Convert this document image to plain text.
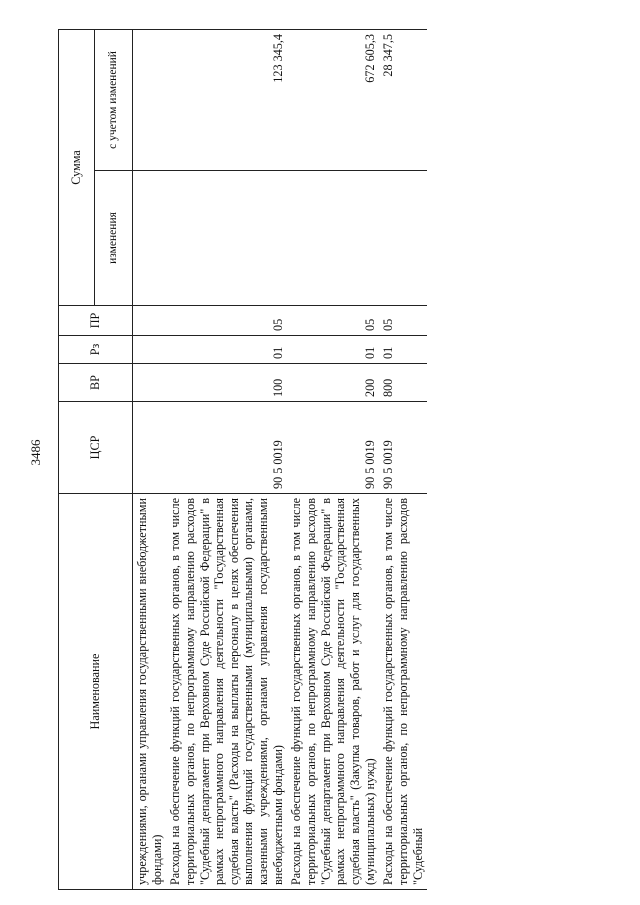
3486
Наименование	ЦСР	ВР	Рз	ПР	Сумма	
					изменения	с учетом изменений
учреждениями, органами управления государственными внебюджетными фондами)						
Расходы на обеспечение функций государственных органов, в том числе территориальных органов, по непрограммному направлению расходов "Судебный департамент при Верховном Суде Российской Федерации" в рамках непрограммного направления деятельности "Государственная судебная власть" (Расходы на выплаты персоналу в целях обеспечения выполнения функций государственными (муниципальными) органами, казенными учреждениями, органами управления государственными внебюджетными фондами)	90 5 0019	100	01	05		123 345,4
Расходы на обеспечение функций государственных органов, в том числе территориальных органов, по непрограммному направлению расходов "Судебный департамент при Верховном Суде Российской Федерации" в рамках непрограммного направления деятельности "Государственная судебная власть" (Закупка товаров, работ и услуг для государственных (муниципальных) нужд)	90 5 0019	200	01	05		672 605,3
Расходы на обеспечение функций государственных органов, в том числе территориальных органов, по непрограммному направлению расходов "Судебный	90 5 0019	800	01	05		28 347,5
